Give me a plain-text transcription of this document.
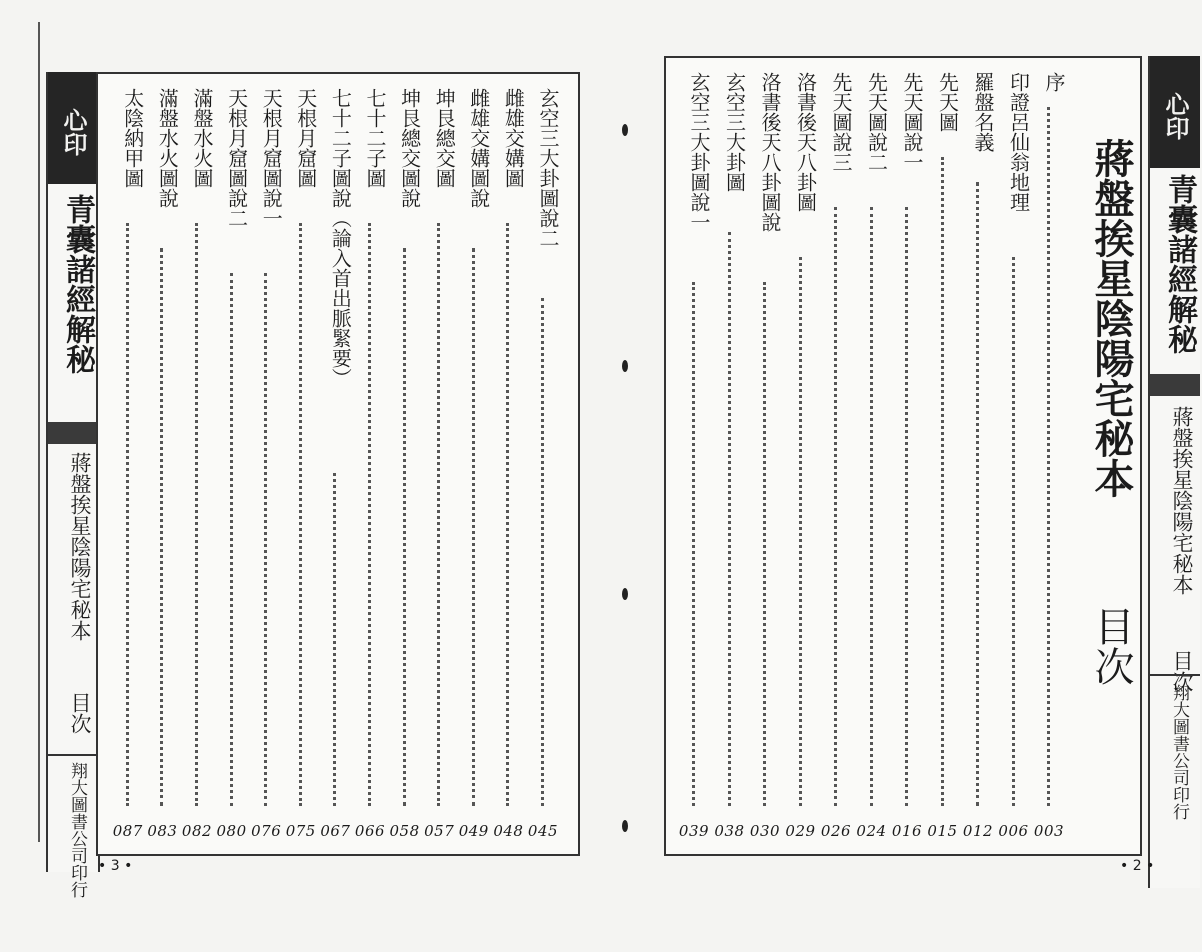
心印
青囊諸經解秘
蔣盤挨星陰陽宅秘本
目次
翔大圖書公司印行
玄空三大卦圖說二
045
雌雄交媾圖
048
雌雄交媾圖說
049
坤艮總交圖
057
坤艮總交圖說
058
七十二子圖
066
七十二子圖說（論入首出脈緊要）
067
天根月窟圖
075
天根月窟圖說一
076
天根月窟圖說二
080
滿盤水火圖
082
滿盤水火圖說
083
太陰納甲圖
087
• 3 •
序
003
印證呂仙翁地理
006
羅盤名義
012
先天圖
015
先天圖說一
016
先天圖說二
024
先天圖說三
026
洛書後天八卦圖
029
洛書後天八卦圖說
030
玄空三大卦圖
038
玄空三大卦圖說一
039
蔣盤挨星陰陽宅秘本
目次
心印
青囊諸經解秘
蔣盤挨星陰陽宅秘本
目次
翔大圖書公司印行
• 2 •
